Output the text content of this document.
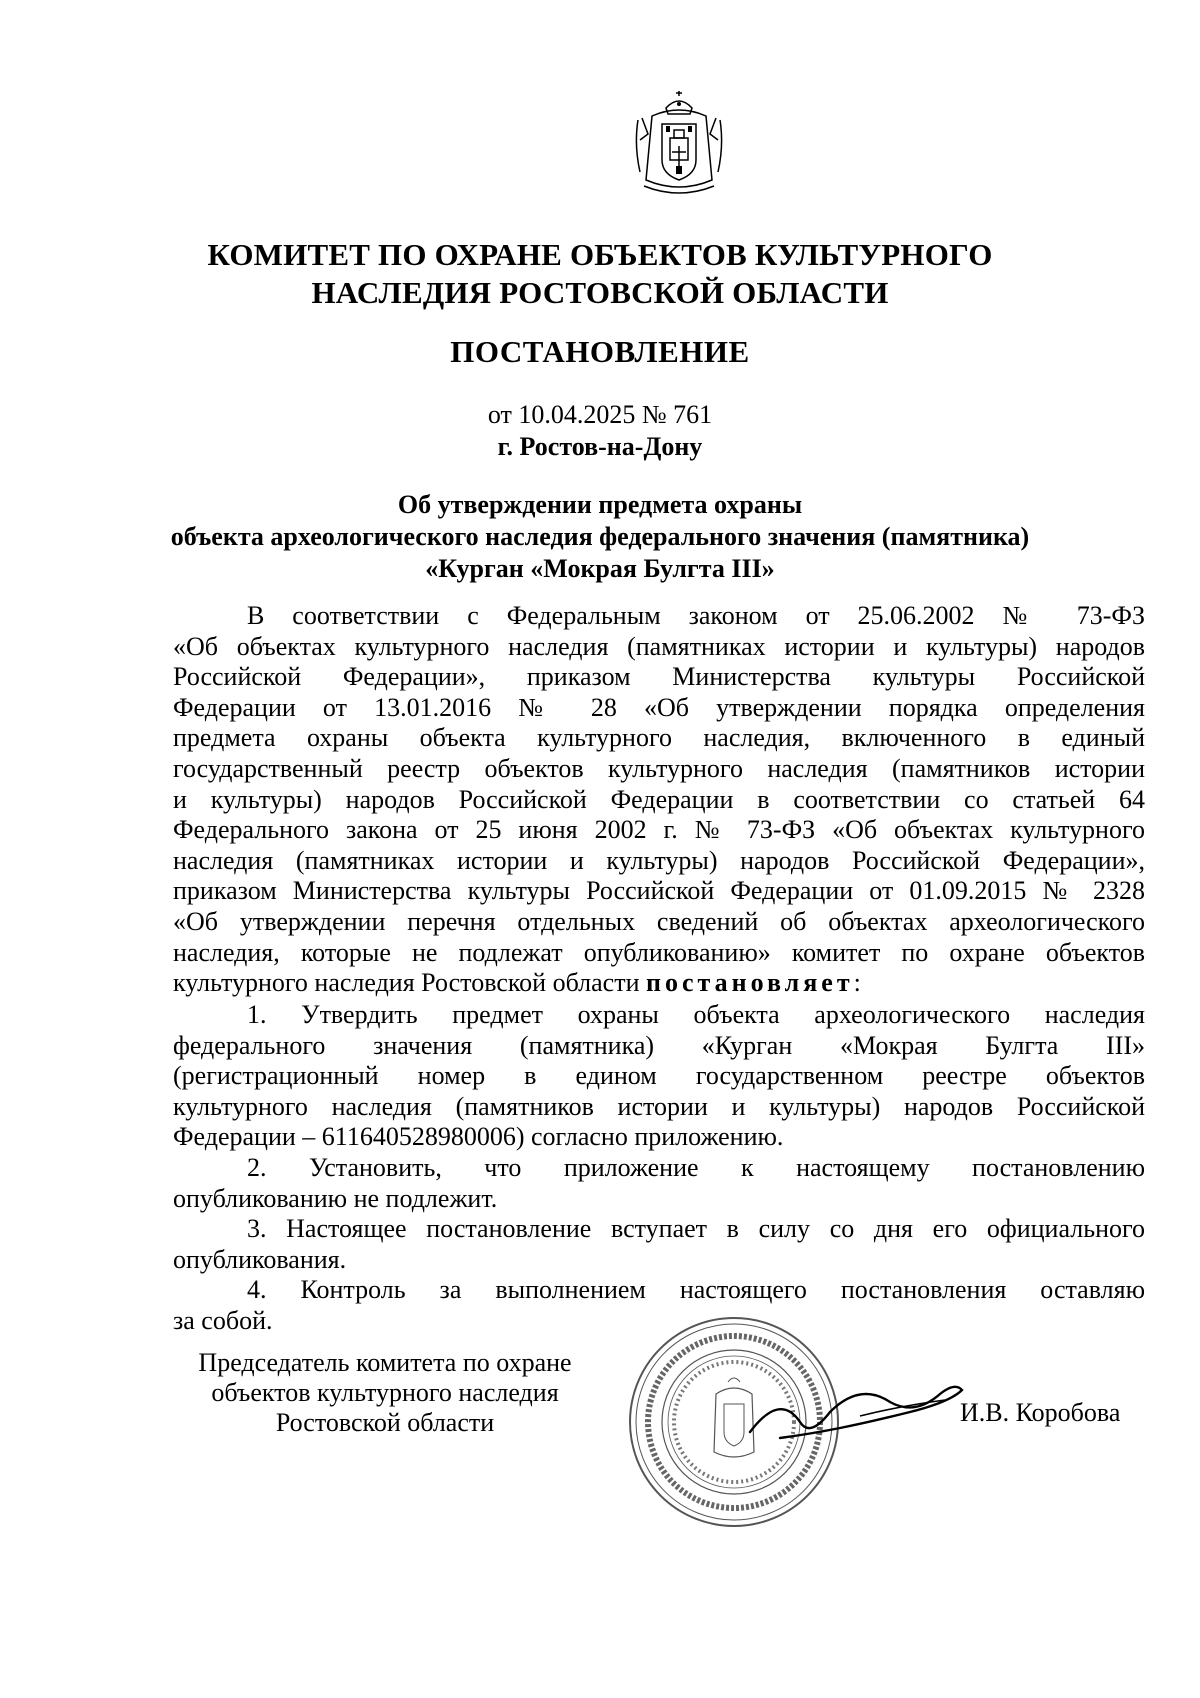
КОМИТЕТ ПО ОХРАНЕ ОБЪЕКТОВ КУЛЬТУРНОГО
НАСЛЕДИЯ РОСТОВСКОЙ ОБЛАСТИ
ПОСТАНОВЛЕНИЕ
от 10.04.2025 № 761
г. Ростов-на-Дону
Об утверждении предмета охраны
объекта археологического наследия федерального значения (памятника)
«Курган «Мокрая Булгта III»
В соответствии с Федеральным законом от 25.06.2002 № 73-ФЗ
«Об объектах культурного наследия (памятниках истории и культуры) народов
Российской Федерации», приказом Министерства культуры Российской
Федерации от 13.01.2016 № 28 «Об утверждении порядка определения
предмета охраны объекта культурного наследия, включенного в единый
государственный реестр объектов культурного наследия (памятников истории
и культуры) народов Российской Федерации в соответствии со статьей 64
Федерального закона от 25 июня 2002 г. № 73-ФЗ «Об объектах культурного
наследия (памятниках истории и культуры) народов Российской Федерации»,
приказом Министерства культуры Российской Федерации от 01.09.2015 № 2328
«Об утверждении перечня отдельных сведений об объектах археологического
наследия, которые не подлежат опубликованию» комитет по охране объектов
культурного наследия Ростовской области постановляет:
1. Утвердить предмет охраны объекта археологического наследия
федерального значения (памятника) «Курган «Мокрая Булгта III»
(регистрационный номер в едином государственном реестре объектов
культурного наследия (памятников истории и культуры) народов Российской
Федерации – 611640528980006) согласно приложению.
2. Установить, что приложение к настоящему постановлению
опубликованию не подлежит.
3. Настоящее постановление вступает в силу со дня его официального
опубликования.
4. Контроль за выполнением настоящего постановления оставляю
за собой.
Председатель комитета по охране
объектов культурного наследия
Ростовской области	И.В. Коробова
